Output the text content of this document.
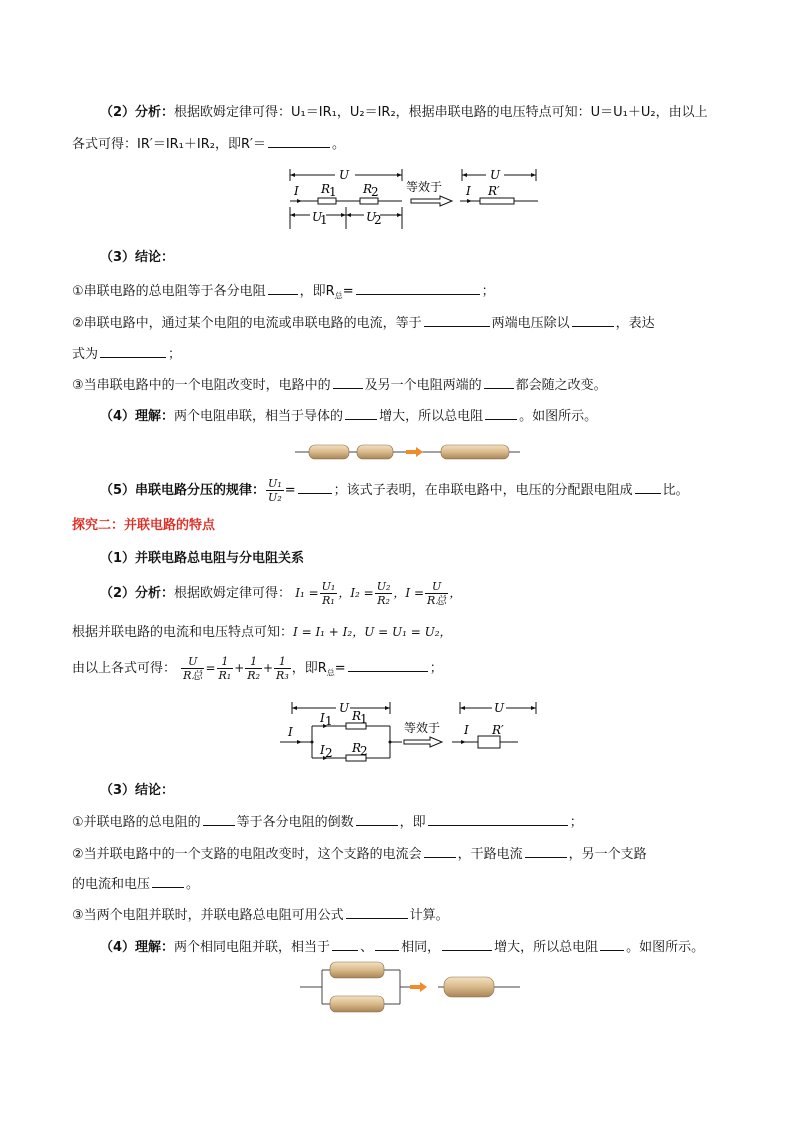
（2）分析：根据欧姆定律可得：U₁＝IR₁，U₂＝IR₂，根据串联电路的电压特点可知：U＝U₁＋U₂，由以上
各式可得：IR′＝IR₁＋IR₂，即R′＝	。
U
I R
1 R
2
U
1	U
2
等效于
U
I R′
（3）结论：
①串联电路的总电阻等于各分电阻	，即$R_总=$	；
②串联电路中，通过某个电阻的电流或串联电路的电流，等于	两端电压除以	，表达
式为	；
③当串联电路中的一个电阻改变时，电路中的	及另一个电阻两端的	都会随之改变。
（4）理解：两个电阻串联，相当于导体的	增大，所以总电阻	。如图所示。
（5）串联电路分压的规律： $\frac{\text{U₁}}{\text{U₂}}$ =	；该式子表明，在串联电路中，电压的分配跟电阻成 比。
探究二：并联电路的特点
（1）并联电路总电阻与分电阻关系
（2）分析：根据欧姆定律可得： $I_1 = \frac{\text{U₁}}{\text{R₁}}$ ，$I_2 = \frac{\text{U₂}}{\text{R₂}}$ ，$I = \frac{U}{\text{R总}}$ ，
根据并联电路的电流和电压特点可知：I = I₁ + I₂，U = U₁ = U₂，
由以上各式可得： $\frac{U}{\text{R总}} = \frac{1}{\text{R₁}} + \frac{1}{\text{R₂}} + \frac{1}{\text{R₃}}$ ，即$R_总=$	；
U
I
I 1
I 2
R
1
R
2
等效于
U
I R′
（3）结论：
①并联电路的总电阻的	等于各分电阻的倒数	，即	；
②当并联电路中的一个支路的电阻改变时，这个支路的电流会	，干路电流	，另一个支路
的电流和电压	。
③当两个电阻并联时，并联电路总电阻可用公式	计算。
（4）理解：两个相同电阻并联，相当于 、 相同，	增大，所以总电阻 。如图所示。
